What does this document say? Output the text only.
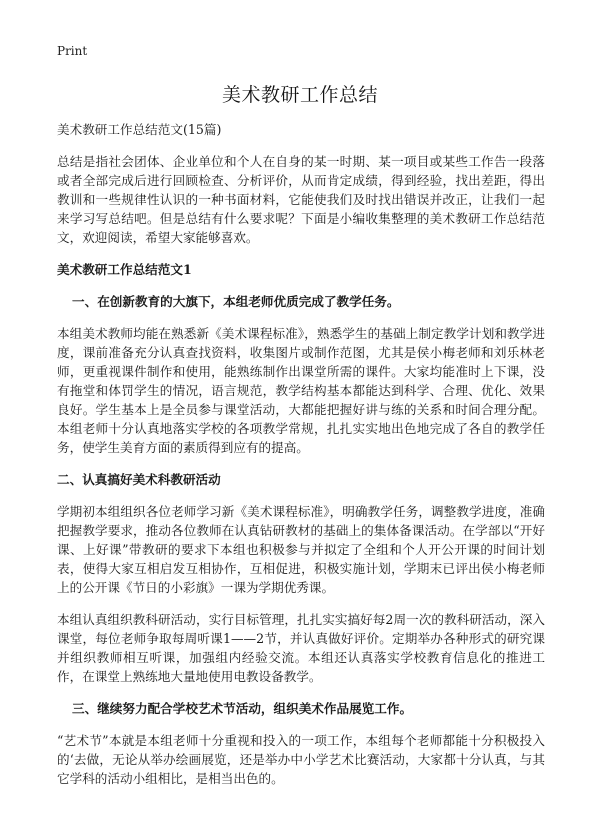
Print
美术教研工作总结

美术教研工作总结范文(15篇)

总结是指社会团体、企业单位和个人在自身的某一时期、某一项目或某些工作告一段落或者全部完成后进行回顾检查、分析评价，从而肯定成绩，得到经验，找出差距，得出教训和一些规律性认识的一种书面材料，它能使我们及时找出错误并改正，让我们一起来学习写总结吧。但是总结有什么要求呢？下面是小编收集整理的美术教研工作总结范文，欢迎阅读，希望大家能够喜欢。

美术教研工作总结范文1

一、在创新教育的大旗下，本组老师优质完成了教学任务。

本组美术教师均能在熟悉新《美术课程标准》，熟悉学生的基础上制定教学计划和教学进度，课前准备充分认真查找资料，收集图片或制作范图，尤其是侯小梅老师和刘乐林老师，更重视课件制作和使用，能熟练制作出课堂所需的课件。大家均能准时上下课，没有拖堂和体罚学生的情况，语言规范，教学结构基本都能达到科学、合理、优化、效果良好。学生基本上是全员参与课堂活动，大都能把握好讲与练的关系和时间合理分配。本组老师十分认真地落实学校的各项教学常规，扎扎实实地出色地完成了各自的教学任务，使学生美育方面的素质得到应有的提高。

二、认真搞好美术科教研活动

学期初本组组织各位老师学习新《美术课程标准》，明确教学任务，调整教学进度，准确把握教学要求，推动各位教师在认真钻研教材的基础上的集体备课活动。在学部以“开好课、上好课”带教研的要求下本组也积极参与并拟定了全组和个人开公开课的时间计划表，使得大家互相启发互相协作，互相促进，积极实施计划，学期末已评出侯小梅老师上的公开课《节日的小彩旗》一课为学期优秀课。

本组认真组织教科研活动，实行目标管理，扎扎实实搞好每2周一次的教科研活动，深入课堂，每位老师争取每周听课1——2节，并认真做好评价。定期举办各种形式的研究课并组织教师相互听课，加强组内经验交流。本组还认真落实学校教育信息化的推进工作，在课堂上熟练地大量地使用电教设备教学。

三、继续努力配合学校艺术节活动，组织美术作品展览工作。

“艺术节”本就是本组老师十分重视和投入的一项工作，本组每个老师都能十分积极投入的‘去做，无论从举办绘画展览，还是举办中小学艺术比赛活动，大家都十分认真，与其它学科的活动小组相比，是相当出色的。
